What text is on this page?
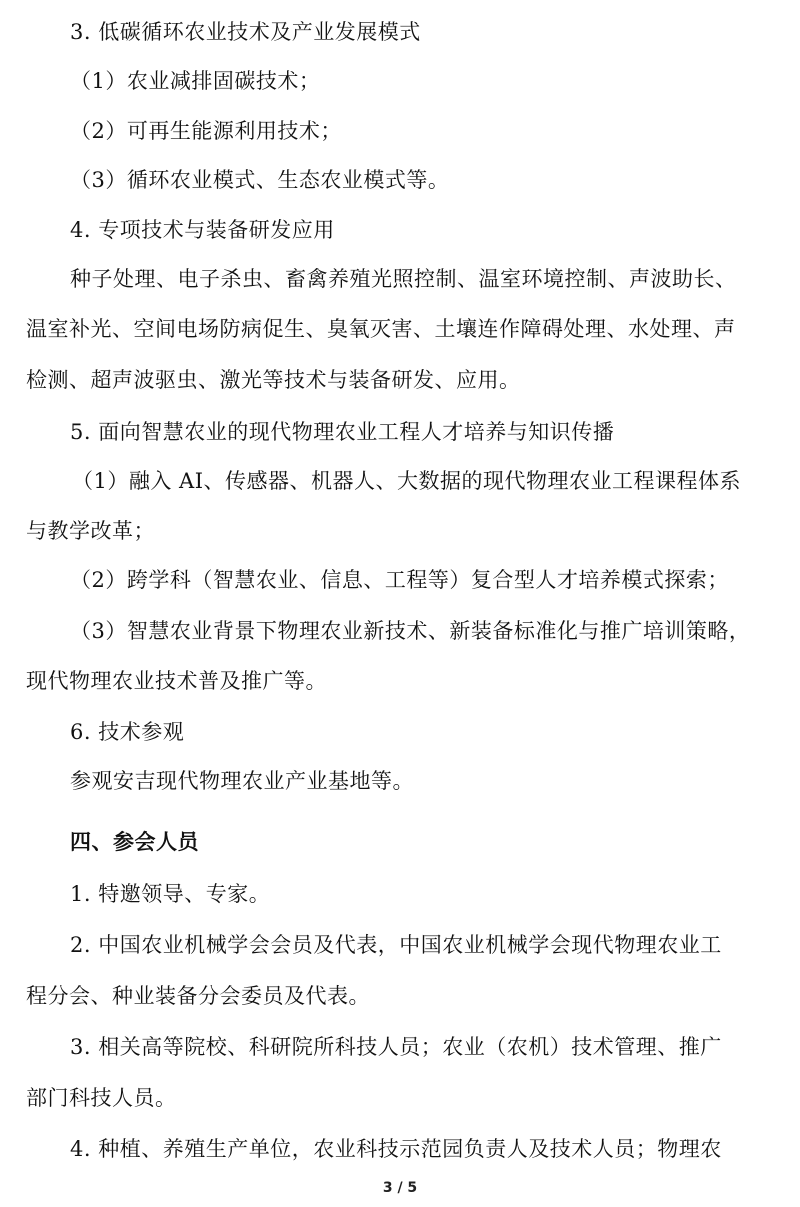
3. 低碳循环农业技术及产业发展模式
（1）农业减排固碳技术；
（2）可再生能源利用技术；
（3）循环农业模式、生态农业模式等。
4. 专项技术与装备研发应用
种子处理、电子杀虫、畜禽养殖光照控制、温室环境控制、声波助长、
温室补光、空间电场防病促生、臭氧灭害、土壤连作障碍处理、水处理、声
检测、超声波驱虫、激光等技术与装备研发、应用。
5. 面向智慧农业的现代物理农业工程人才培养与知识传播
（1）融入 AI、传感器、机器人、大数据的现代物理农业工程课程体系
与教学改革；
（2）跨学科（智慧农业、信息、工程等）复合型人才培养模式探索；
（3）智慧农业背景下物理农业新技术、新装备标准化与推广培训策略，
现代物理农业技术普及推广等。
6. 技术参观
参观安吉现代物理农业产业基地等。
四、参会人员
1. 特邀领导、专家。
2. 中国农业机械学会会员及代表，中国农业机械学会现代物理农业工
程分会、种业装备分会委员及代表。
3. 相关高等院校、科研院所科技人员；农业（农机）技术管理、推广
部门科技人员。
4. 种植、养殖生产单位，农业科技示范园负责人及技术人员；物理农
3 / 5
